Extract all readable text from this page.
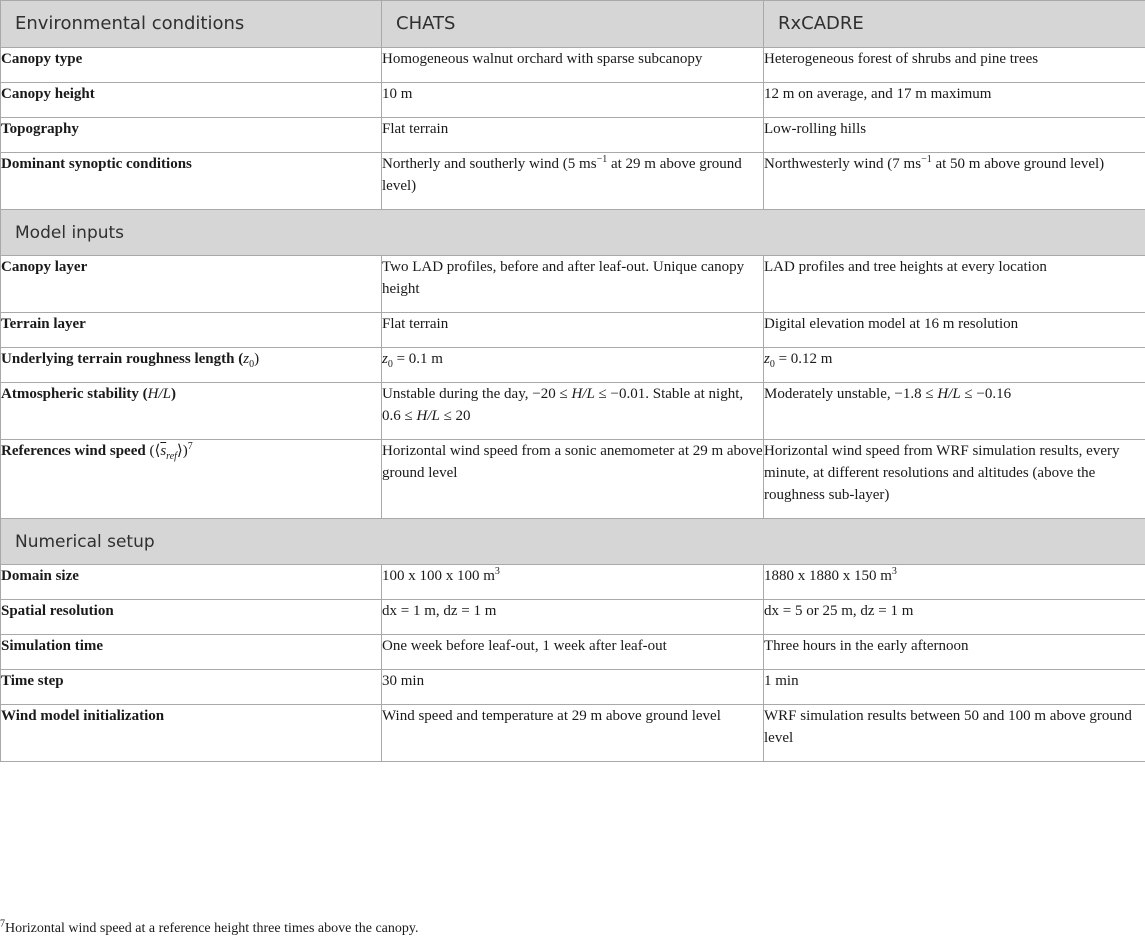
Environmental conditions	CHATS	RxCADRE
Canopy type	Homogeneous walnut orchard with sparse subcanopy	Heterogeneous forest of shrubs and pine trees
Canopy height	10 m	12 m on average, and 17 m maximum
Topography	Flat terrain	Low-rolling hills
Dominant synoptic conditions	Northerly and southerly wind (5 $ms^{-1}$ at 29 m above ground level)	Northwesterly wind (7 $ms^{-1}$ at 50 m above ground level)
Model inputs		
Canopy layer	Two LAD profiles, before and after leaf-out. Unique canopy height	LAD profiles and tree heights at every location
Terrain layer	Flat terrain	Digital elevation model at 16 m resolution
Underlying terrain roughness length $(z_0)$	$z_0 = 0.1$ m	$z_0 = 0.12$ m
Atmospheric stability (H/L)	Unstable during the day, −20 ≤ H/L ≤ −0.01. Stable at night, 0.6 ≤ H/L ≤ 20	Moderately unstable, −1.8 ≤ H/L ≤ −0.16
References wind speed $(⟨\overline{s}_{ref}⟩)^7$	Horizontal wind speed from a sonic anemometer at 29 m above ground level	Horizontal wind speed from WRF simulation results, every minute, at different resolutions and altitudes (above the roughness sub-layer)
Numerical setup		
Domain size	100 x 100 x 100 $m^3$	1880 x 1880 x 150 $m^3$
Spatial resolution	dx = 1 m, dz = 1 m	dx = 5 or 25 m, dz = 1 m
Simulation time	One week before leaf-out, 1 week after leaf-out	Three hours in the early afternoon
Time step	30 min	1 min
Wind model initialization	Wind speed and temperature at 29 m above ground level	WRF simulation results between 50 and 100 m above ground level
$^7$Horizontal wind speed at a reference height three times above the canopy.
